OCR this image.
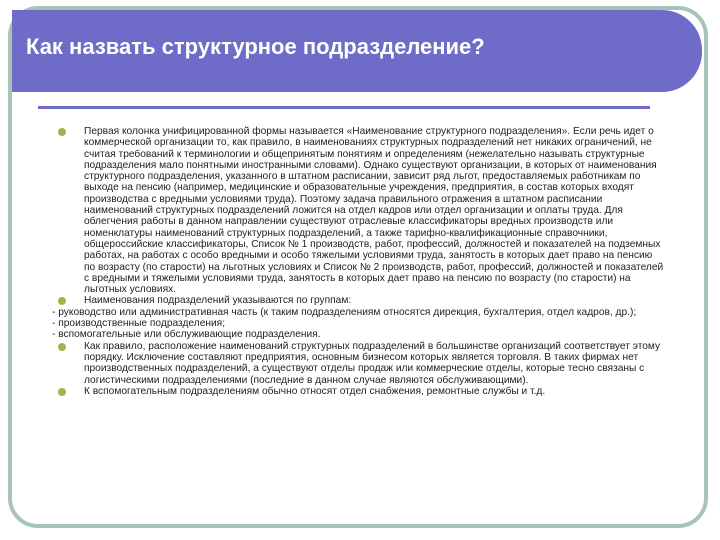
Как назвать структурное подразделение?
Первая колонка унифицированной формы называется «Наименование структурного подразделения». Если речь идет о коммерческой организации то, как правило, в наименованиях структурных подразделений нет никаких ограничений, не считая требований к терминологии и общепринятым понятиям и определениям (нежелательно называть структурные подразделения мало понятными иностранными словами). Однако существуют организации, в которых от наименования структурного подразделения, указанного в штатном расписании, зависит ряд льгот, предоставляемых работникам по выходе на пенсию (например, медицинские и образовательные учреждения, предприятия, в состав которых входят производства с вредными условиями труда). Поэтому задача правильного отражения в штатном расписании наименований структурных подразделений ложится на отдел кадров или отдел организации и оплаты труда. Для облегчения работы в данном направлении существуют отраслевые классификаторы вредных производств или номенклатуры наименований структурных подразделений, а также тарифно-квалификационные справочники, общероссийские классификаторы, Список № 1 производств, работ, профессий, должностей и показателей на подземных работах, на работах с особо вредными и особо тяжелыми условиями труда, занятость в которых дает право на пенсию по возрасту (по старости) на льготных условиях и Список № 2 производств, работ, профессий, должностей и показателей с вредными и тяжелыми условиями труда, занятость в которых дает право на пенсию по возрасту (по старости) на льготных условиях.
Наименования подразделений указываются по группам:
- руководство или административная часть (к таким подразделениям относятся дирекция, бухгалтерия, отдел кадров, др.);
- производственные подразделения;
- вспомогательные или обслуживающие подразделения.
Как правило, расположение наименований структурных подразделений в большинстве организаций соответствует этому порядку. Исключение составляют предприятия, основным бизнесом которых является торговля. В таких фирмах нет производственных подразделений, а существуют отделы продаж или коммерческие отделы, которые тесно связаны с логистическими подразделениями (последние в данном случае являются обслуживающими).
К вспомогательным подразделениям обычно относят отдел снабжения, ремонтные службы и т.д.
